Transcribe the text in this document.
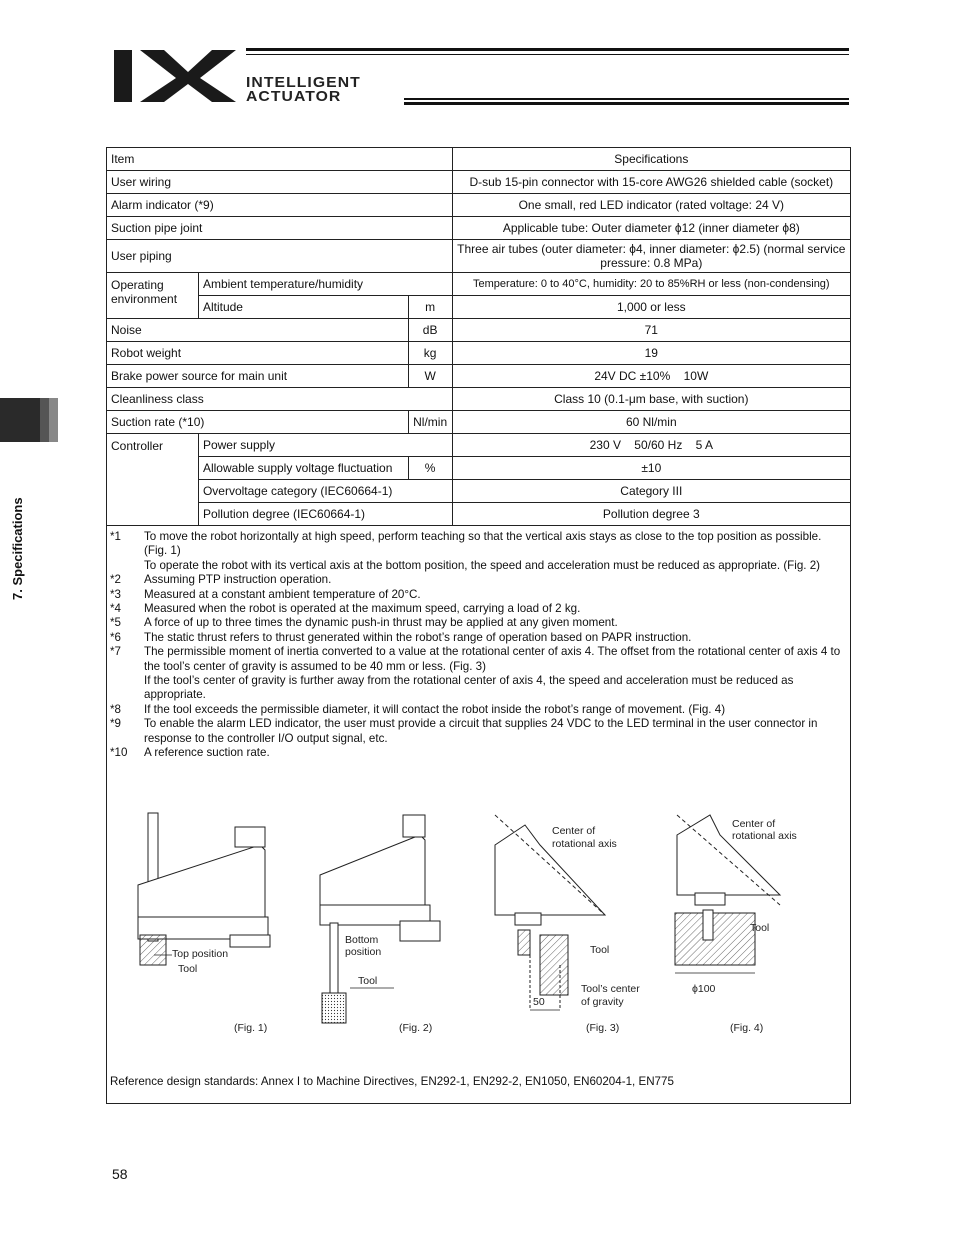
INTELLIGENT
ACTUATOR
7. Specifications
Item			Specifications
User wiring			D-sub 15-pin connector with 15-core AWG26 shielded cable (socket)
Alarm indicator (*9)			One small, red LED indicator (rated voltage: 24 V)
Suction pipe joint			Applicable tube: Outer diameter ϕ12 (inner diameter ϕ8)
User piping			Three air tubes (outer diameter: ϕ4, inner diameter: ϕ2.5) (normal service pressure: 0.8 MPa)
Operating environment	Ambient temperature/humidity		Temperature: 0 to 40°C, humidity: 20 to 85%RH or less (non-condensing)
	Altitude	m	1,000 or less
Noise		dB	71
Robot weight		kg	19
Brake power source for main unit		W	24V DC ±10%    10W
Cleanliness class			Class 10 (0.1-μm base, with suction)
Suction rate (*10)		Nl/min	60 Nl/min
Controller	Power supply		230 V    50/60 Hz    5 A
	Allowable supply voltage fluctuation	%	±10
	Overvoltage category (IEC60664-1)		Category III
	Pollution degree (IEC60664-1)		Pollution degree 3
*1	To move the robot horizontally at high speed, perform teaching so that the vertical axis stays as close to the top position as possible. (Fig. 1)

To operate the robot with its vertical axis at the bottom position, the speed and acceleration must be reduced as appropriate. (Fig. 2)

*2	Assuming PTP instruction operation.

*3	Measured at a constant ambient temperature of 20°C.

*4	Measured when the robot is operated at the maximum speed, carrying a load of 2 kg.

*5	A force of up to three times the dynamic push-in thrust may be applied at any given moment.

*6	The static thrust refers to thrust generated within the robot’s range of operation based on PAPR instruction.

*7	The permissible moment of inertia converted to a value at the rotational center of axis 4. The offset from the rotational center of axis 4 to the tool’s center of gravity is assumed to be 40 mm or less. (Fig. 3)

If the tool’s center of gravity is further away from the rotational center of axis 4, the speed and acceleration must be reduced as appropriate.

*8	If the tool exceeds the permissible diameter, it will contact the robot inside the robot’s range of movement. (Fig. 4)

*9	To enable the alarm LED indicator, the user must provide a circuit that supplies 24 VDC to the LED terminal in the user connector in response to the controller I/O output signal, etc.

*10	A reference suction rate.

Top position
Tool
(Fig. 1)
Bottom
position
Tool
(Fig. 2)
Center of
rotational axis
Tool
Tool’s center
of gravity
50
(Fig. 3)
Center of
rotational axis
Tool
ϕ100
(Fig. 4)
Reference design standards: Annex I to Machine Directives, EN292-1, EN292-2, EN1050, EN60204-1, EN775
58
